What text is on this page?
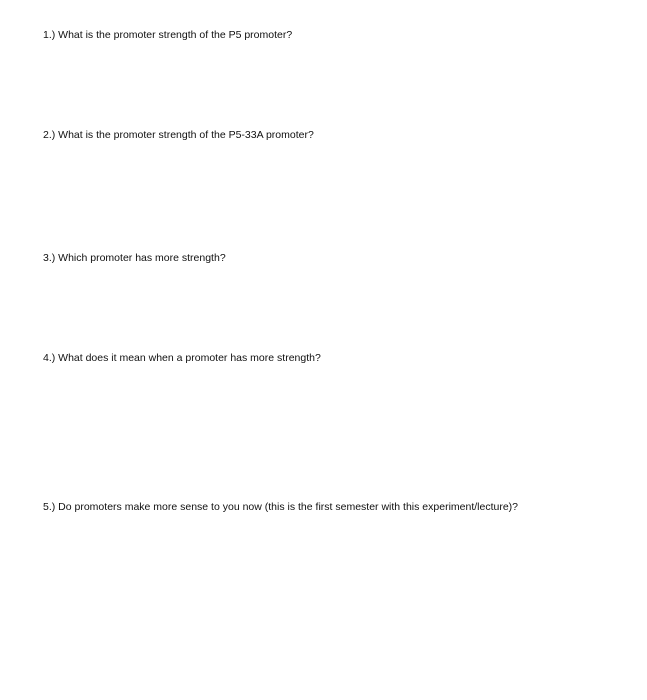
1.) What is the promoter strength of the P5 promoter?
2.) What is the promoter strength of the P5-33A promoter?
3.) Which promoter has more strength?
4.) What does it mean when a promoter has more strength?
5.) Do promoters make more sense to you now (this is the first semester with this experiment/lecture)?
